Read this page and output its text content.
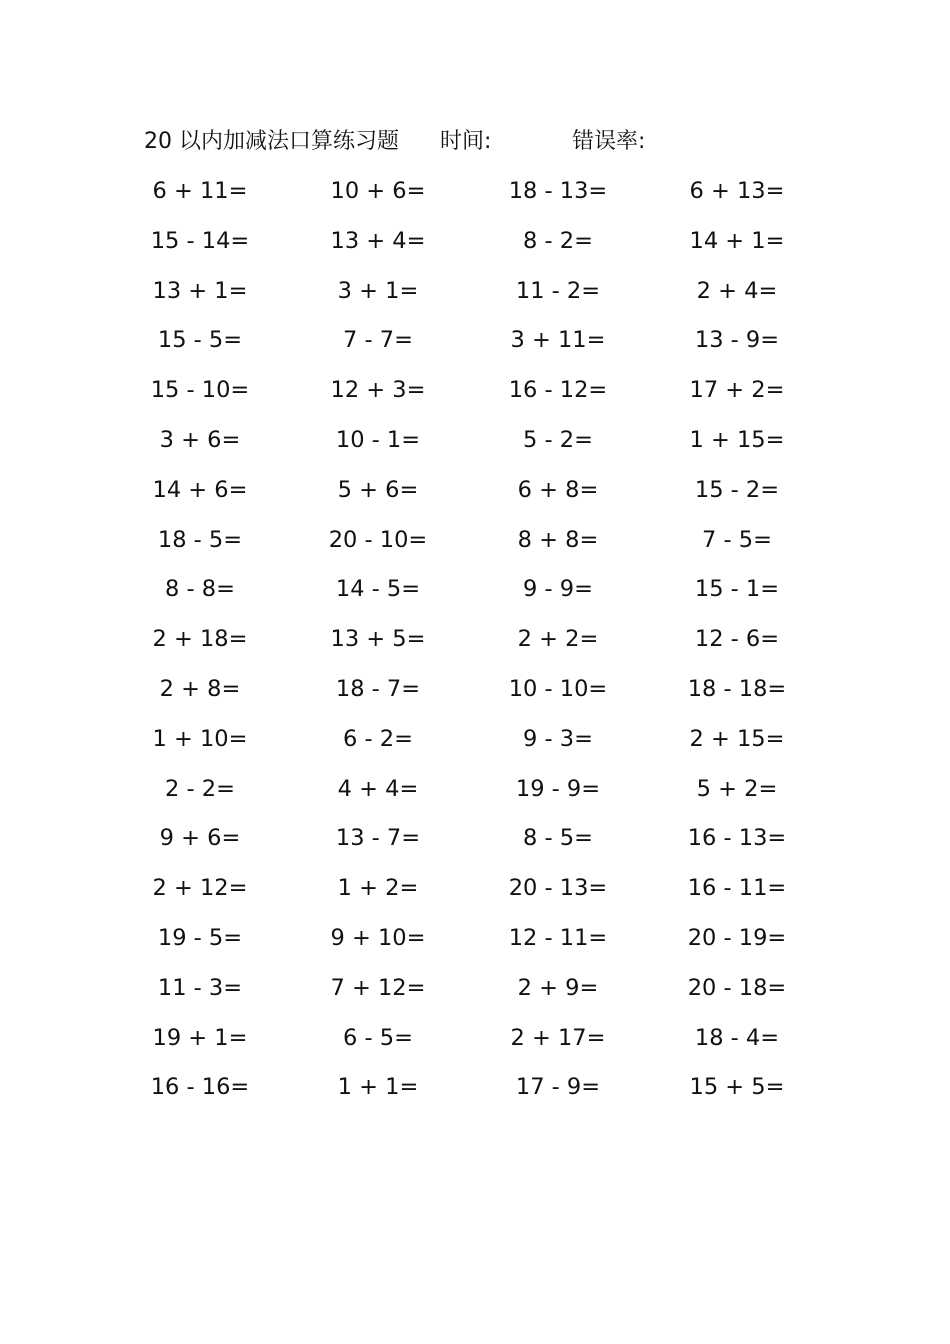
20 以内加减法口算练习题 时间:	错误率:
6 + 11=	10 + 6=	18 - 13=	6 + 13=
15 - 14=	13 + 4=	8 - 2=	14 + 1=
13 + 1=	3 + 1=	11 - 2=	2 + 4=
15 - 5=	7 - 7=	3 + 11=	13 - 9=
15 - 10=	12 + 3=	16 - 12=	17 + 2=
3 + 6=	10 - 1=	5 - 2=	1 + 15=
14 + 6=	5 + 6=	6 + 8=	15 - 2=
18 - 5=	20 - 10=	8 + 8=	7 - 5=
8 - 8=	14 - 5=	9 - 9=	15 - 1=
2 + 18=	13 + 5=	2 + 2=	12 - 6=
2 + 8=	18 - 7=	10 - 10=	18 - 18=
1 + 10=	6 - 2=	9 - 3=	2 + 15=
2 - 2=	4 + 4=	19 - 9=	5 + 2=
9 + 6=	13 - 7=	8 - 5=	16 - 13=
2 + 12=	1 + 2=	20 - 13=	16 - 11=
19 - 5=	9 + 10=	12 - 11=	20 - 19=
11 - 3=	7 + 12=	2 + 9=	20 - 18=
19 + 1=	6 - 5=	2 + 17=	18 - 4=
16 - 16=	1 + 1=	17 - 9=	15 + 5=
